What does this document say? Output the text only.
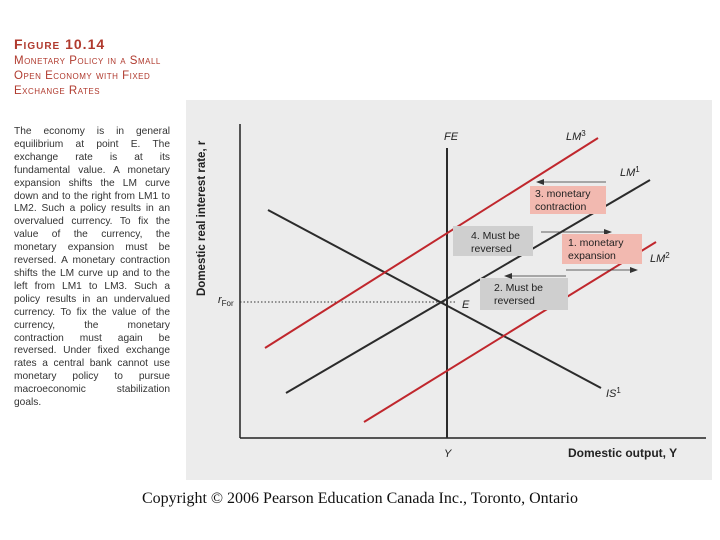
Figure 10.14
Monetary Policy in a Small Open Economy with Fixed Exchange Rates
The economy is in general equilibrium at point E. The exchange rate is at its fundamental value. A monetary expansion shifts the LM curve down and to the right from LM1 to LM2. Such a policy results in an overvalued currency. To fix the value of the currency, the monetary expansion must be reversed. A monetary contraction shifts the LM curve up and to the left from LM1 to LM3. Such a policy results in an undervalued currency. To fix the value of the currency, the monetary contraction must again be reversed. Under fixed exchange rates a central bank cannot use monetary policy to pursue macroeconomic stabilization goals.
Domestic real interest rate, r
Domestic output, Y
$r_{For}$
FE
Y
$IS^1$
$LM^1$
$LM^3$
$LM^2$
E
3. monetary
contraction
4. Must be
reversed	1. monetary
expansion
2. Must be
reversed
Copyright © 2006 Pearson Education Canada Inc., Toronto, Ontario
